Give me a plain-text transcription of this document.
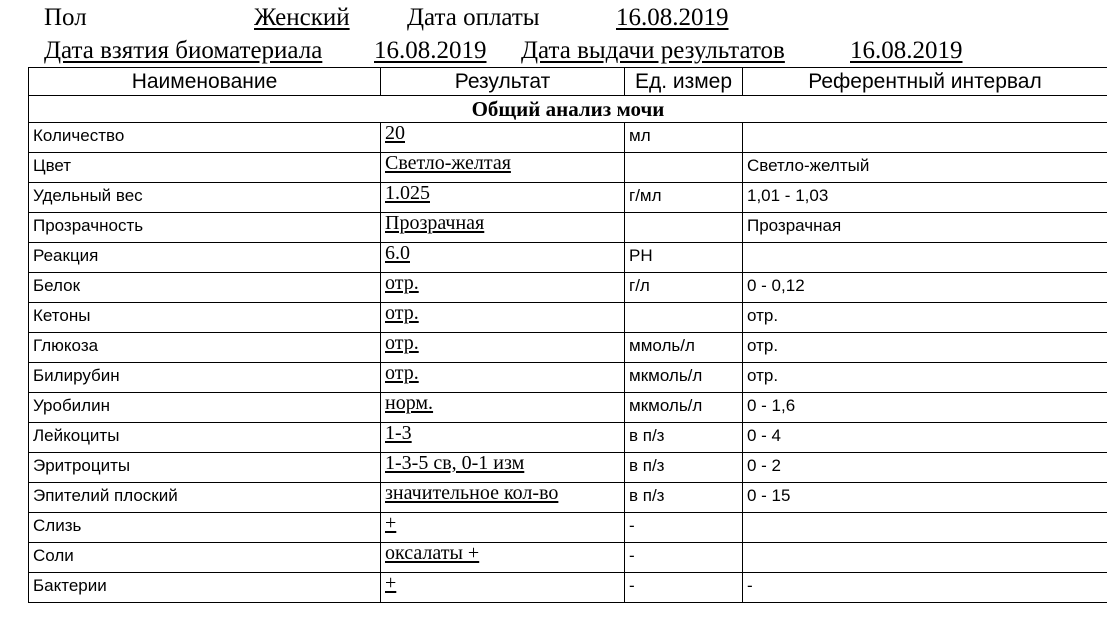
Пол	Женский	Дата оплаты	16.08.2019
Дата взятия биоматериала 16.08.2019 Дата выдачи результатов	16.08.2019
Наименование	Результат	Ед. измер	Референтный интервал
Общий анализ мочи			
Количество	20	мл	
Цвет	Светло-желтая		Светло-желтый
Удельный вес	1.025	г/мл	1,01 - 1,03
Прозрачность	Прозрачная		Прозрачная
Реакция	6.0	PH	
Белок	отр.	г/л	0 - 0,12
Кетоны	отр.		отр.
Глюкоза	отр.	ммоль/л	отр.
Билирубин	отр.	мкмоль/л	отр.
Уробилин	норм.	мкмоль/л	0 - 1,6
Лейкоциты	1-3	в п/з	0 - 4
Эритроциты	1-3-5 св, 0-1 изм	в п/з	0 - 2
Эпителий плоский	значительное кол-во	в п/з	0 - 15
Слизь	+	-	
Соли	оксалаты +	-	
Бактерии	+	-	-
